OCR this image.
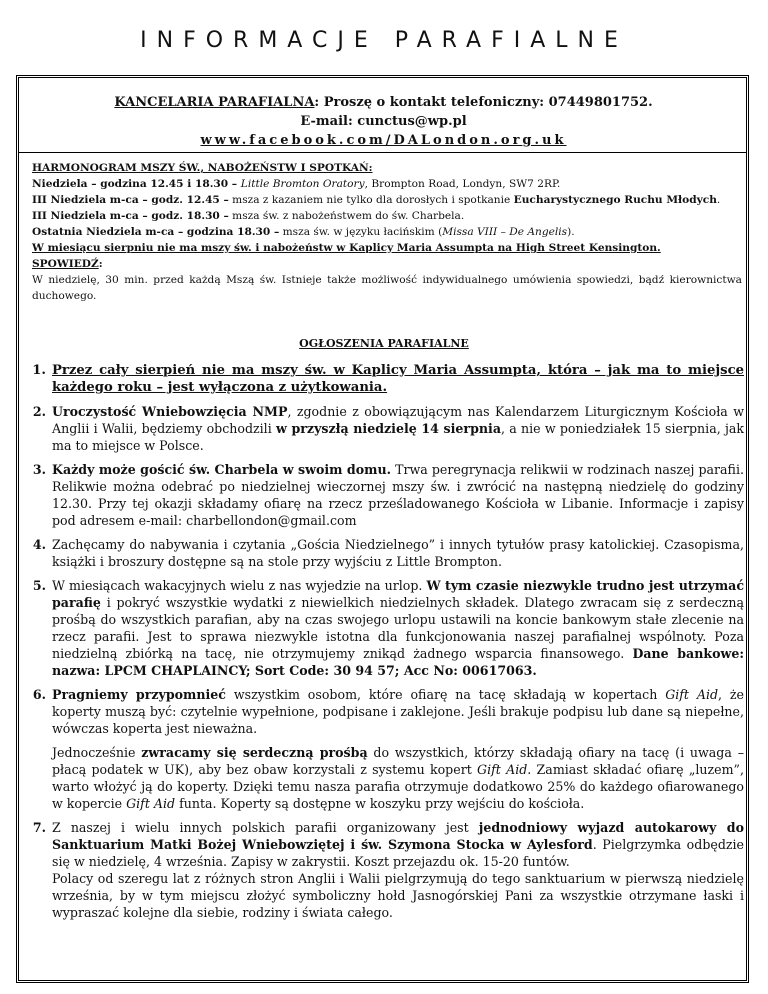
INFORMACJE PARAFIALNE
KANCELARIA PARAFIALNA: Proszę o kontakt telefoniczny: 07449801752.
E-mail: cunctus@wp.pl
www.facebook.com/DALondon.org.uk

HARMONOGRAM MSZY ŚW., NABOŻEŃSTW I SPOTKAŃ:

Niedziela – godzina 12.45 i 18.30 – Little Bromton Oratory, Brompton Road, Londyn, SW7 2RP.

III Niedziela m-ca – godz. 12.45 – msza z kazaniem nie tylko dla dorosłych i spotkanie Eucharystycznego Ruchu Młodych.

III Niedziela m-ca – godz. 18.30 – msza św. z nabożeństwem do św. Charbela.

Ostatnia Niedziela m-ca – godzina 18.30 – msza św. w języku łacińskim (Missa VIII – De Angelis).

W miesiącu sierpniu nie ma mszy św. i nabożeństw w Kaplicy Maria Assumpta na High Street Kensington.

SPOWIEDŹ:

W niedzielę, 30 min. przed każdą Mszą św. Istnieje także możliwość indywidualnego umówienia spowiedzi, bądź kierownictwa duchowego.

OGŁOSZENIA PARAFIALNE
1. Przez cały sierpień nie ma mszy św. w Kaplicy Maria Assumpta, która – jak ma to miejsce każdego roku – jest wyłączona z użytkowania.
2. Uroczystość Wniebowzięcia NMP, zgodnie z obowiązującym nas Kalendarzem Liturgicznym Kościoła w Anglii i Walii, będziemy obchodzili w przyszłą niedzielę 14 sierpnia, a nie w poniedziałek 15 sierpnia, jak ma to miejsce w Polsce.
3. Każdy może gościć św. Charbela w swoim domu. Trwa peregrynacja relikwii w rodzinach naszej parafii. Relikwie można odebrać po niedzielnej wieczornej mszy św. i zwrócić na następną niedzielę do godziny 12.30. Przy tej okazji składamy ofiarę na rzecz prześladowanego Kościoła w Libanie. Informacje i zapisy pod adresem e-mail: charbellondon@gmail.com
4. Zachęcamy do nabywania i czytania „Gościa Niedzielnego” i innych tytułów prasy katolickiej. Czasopisma, książki i broszury dostępne są na stole przy wyjściu z Little Brompton.
5. W miesiącach wakacyjnych wielu z nas wyjedzie na urlop. W tym czasie niezwykle trudno jest utrzymać parafię i pokryć wszystkie wydatki z niewielkich niedzielnych składek. Dlatego zwracam się z serdeczną prośbą do wszystkich parafian, aby na czas swojego urlopu ustawili na koncie bankowym stałe zlecenie na rzecz parafii. Jest to sprawa niezwykle istotna dla funkcjonowania naszej parafialnej wspólnoty. Poza niedzielną zbiórką na tacę, nie otrzymujemy znikąd żadnego wsparcia finansowego. Dane bankowe: nazwa: LPCM CHAPLAINCY; Sort Code: 30 94 57; Acc No: 00617063.
6. Pragniemy przypomnieć wszystkim osobom, które ofiarę na tacę składają w kopertach Gift Aid, że koperty muszą być: czytelnie wypełnione, podpisane i zaklejone. Jeśli brakuje podpisu lub dane są niepełne, wówczas koperta jest nieważna.

Jednocześnie zwracamy się serdeczną prośbą do wszystkich, którzy składają ofiary na tacę (i uwaga – płacą podatek w UK), aby bez obaw korzystali z systemu kopert Gift Aid. Zamiast składać ofiarę „luzem”, warto włożyć ją do koperty. Dzięki temu nasza parafia otrzymuje dodatkowo 25% do każdego ofiarowanego w kopercie Gift Aid funta. Koperty są dostępne w koszyku przy wejściu do kościoła.

7. Z naszej i wielu innych polskich parafii organizowany jest jednodniowy wyjazd autokarowy do Sanktuarium Matki Bożej Wniebowziętej i św. Szymona Stocka w Aylesford. Pielgrzymka odbędzie się w niedzielę, 4 września. Zapisy w zakrystii. Koszt przejazdu ok. 15-20 funtów.

Polacy od szeregu lat z różnych stron Anglii i Walii pielgrzymują do tego sanktuarium w pierwszą niedzielę września, by w tym miejscu złożyć symboliczny hołd Jasnogórskiej Pani za wszystkie otrzymane łaski i wypraszać kolejne dla siebie, rodziny i świata całego.
